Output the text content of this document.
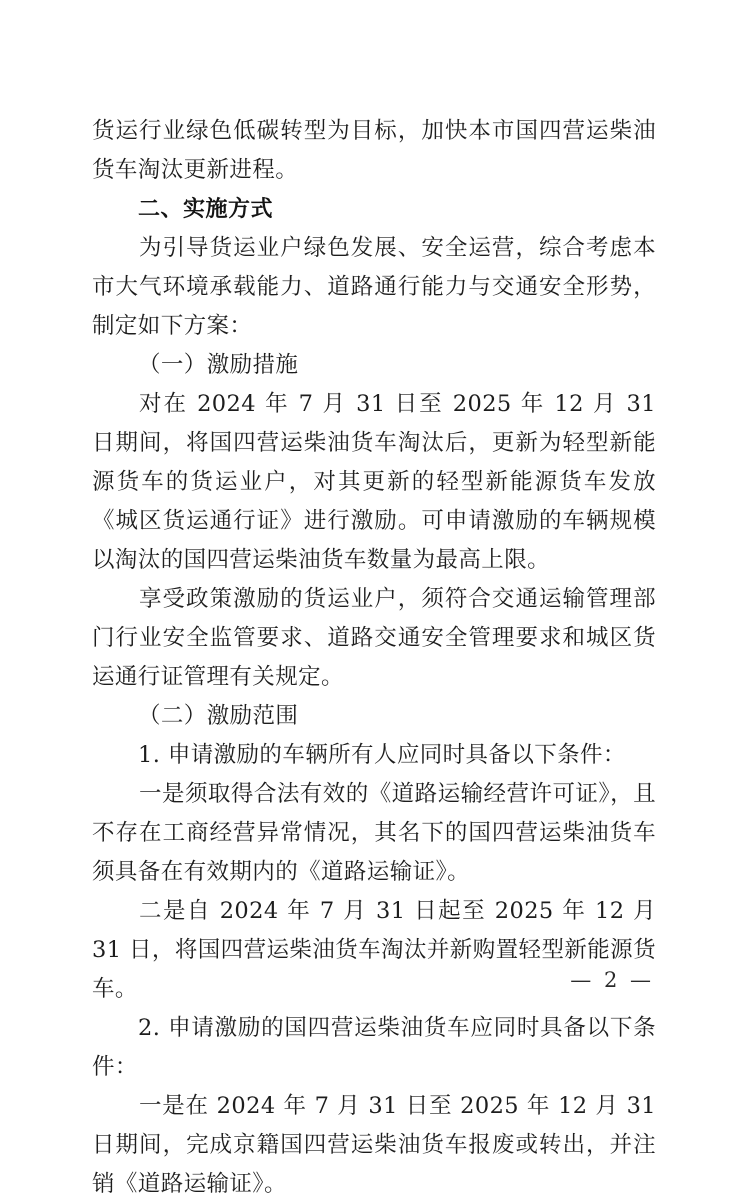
货运行业绿色低碳转型为目标，加快本市国四营运柴油货车淘汰更新进程。

二、实施方式

为引导货运业户绿色发展、安全运营，综合考虑本市大气环境承载能力、道路通行能力与交通安全形势，制定如下方案：

（一）激励措施

对在 2024 年 7 月 31 日至 2025 年 12 月 31 日期间，将国四营运柴油货车淘汰后，更新为轻型新能源货车的货运业户，对其更新的轻型新能源货车发放《城区货运通行证》进行激励。可申请激励的车辆规模以淘汰的国四营运柴油货车数量为最高上限。

享受政策激励的货运业户，须符合交通运输管理部门行业安全监管要求、道路交通安全管理要求和城区货运通行证管理有关规定。

（二）激励范围

1. 申请激励的车辆所有人应同时具备以下条件：

一是须取得合法有效的《道路运输经营许可证》，且不存在工商经营异常情况，其名下的国四营运柴油货车须具备在有效期内的《道路运输证》。

二是自 2024 年 7 月 31 日起至 2025 年 12 月 31 日，将国四营运柴油货车淘汰并新购置轻型新能源货车。

2. 申请激励的国四营运柴油货车应同时具备以下条件：

一是在 2024 年 7 月 31 日至 2025 年 12 月 31 日期间，完成京籍国四营运柴油货车报废或转出，并注销《道路运输证》。

— 2 —
